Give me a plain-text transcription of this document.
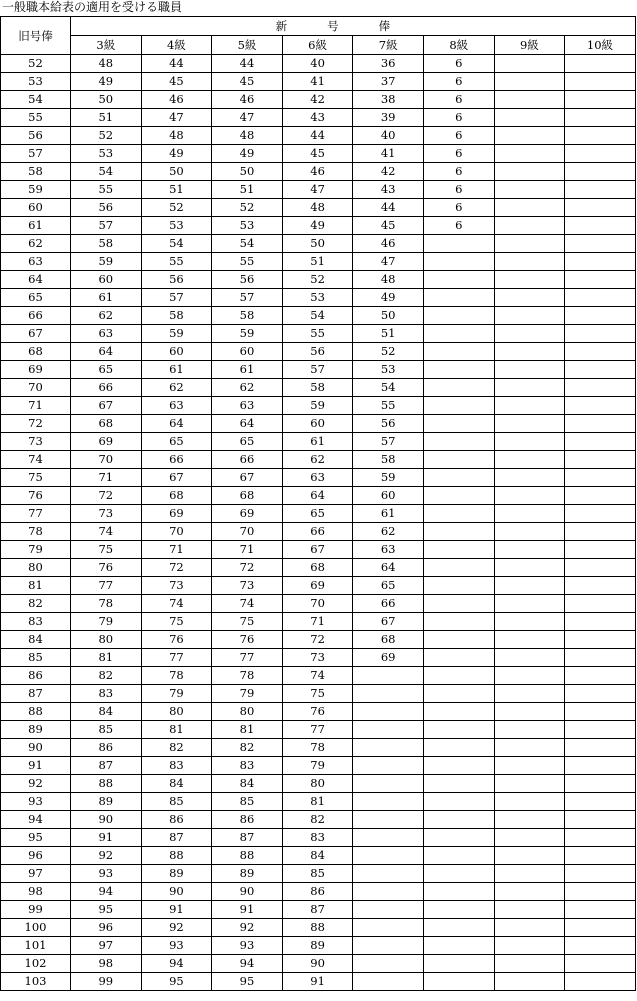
一般職本給表の適用を受ける職員
旧号俸	新号俸							
	3級	4級	5級	6級	7級	8級	9級	10級
52	48	44	44	40	36	6		
53	49	45	45	41	37	6		
54	50	46	46	42	38	6		
55	51	47	47	43	39	6		
56	52	48	48	44	40	6		
57	53	49	49	45	41	6		
58	54	50	50	46	42	6		
59	55	51	51	47	43	6		
60	56	52	52	48	44	6		
61	57	53	53	49	45	6		
62	58	54	54	50	46			
63	59	55	55	51	47			
64	60	56	56	52	48			
65	61	57	57	53	49			
66	62	58	58	54	50			
67	63	59	59	55	51			
68	64	60	60	56	52			
69	65	61	61	57	53			
70	66	62	62	58	54			
71	67	63	63	59	55			
72	68	64	64	60	56			
73	69	65	65	61	57			
74	70	66	66	62	58			
75	71	67	67	63	59			
76	72	68	68	64	60			
77	73	69	69	65	61			
78	74	70	70	66	62			
79	75	71	71	67	63			
80	76	72	72	68	64			
81	77	73	73	69	65			
82	78	74	74	70	66			
83	79	75	75	71	67			
84	80	76	76	72	68			
85	81	77	77	73	69			
86	82	78	78	74				
87	83	79	79	75				
88	84	80	80	76				
89	85	81	81	77				
90	86	82	82	78				
91	87	83	83	79				
92	88	84	84	80				
93	89	85	85	81				
94	90	86	86	82				
95	91	87	87	83				
96	92	88	88	84				
97	93	89	89	85				
98	94	90	90	86				
99	95	91	91	87				
100	96	92	92	88				
101	97	93	93	89				
102	98	94	94	90				
103	99	95	95	91				
